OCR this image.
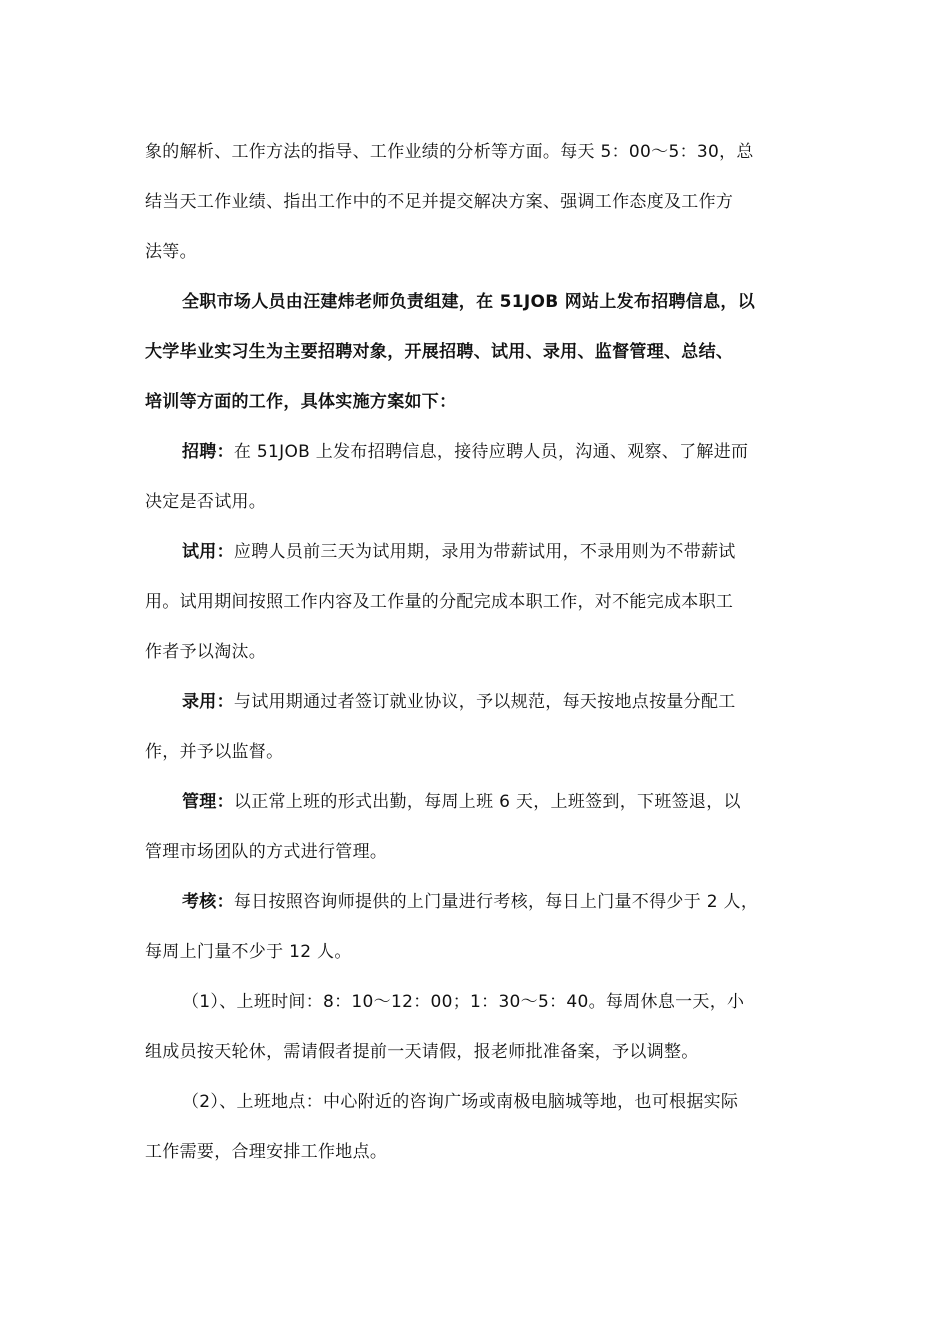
象的解析、工作方法的指导、工作业绩的分析等方面。每天 5：00～5：30，总
结当天工作业绩、指出工作中的不足并提交解决方案、强调工作态度及工作方
法等。
全职市场人员由汪建炜老师负责组建，在 51JOB 网站上发布招聘信息，以
大学毕业实习生为主要招聘对象，开展招聘、试用、录用、监督管理、总结、
培训等方面的工作，具体实施方案如下：
招聘：在 51JOB 上发布招聘信息，接待应聘人员，沟通、观察、了解进而
决定是否试用。
试用：应聘人员前三天为试用期，录用为带薪试用，不录用则为不带薪试
用。试用期间按照工作内容及工作量的分配完成本职工作，对不能完成本职工
作者予以淘汰。
录用：与试用期通过者签订就业协议，予以规范，每天按地点按量分配工
作，并予以监督。
管理：以正常上班的形式出勤，每周上班 6 天，上班签到，下班签退，以
管理市场团队的方式进行管理。
考核：每日按照咨询师提供的上门量进行考核，每日上门量不得少于 2 人，
每周上门量不少于 12 人。
（1）、上班时间：8：10～12：00；1：30～5：40。每周休息一天，小
组成员按天轮休，需请假者提前一天请假，报老师批准备案，予以调整。
（2）、上班地点：中心附近的咨询广场或南极电脑城等地，也可根据实际
工作需要，合理安排工作地点。
